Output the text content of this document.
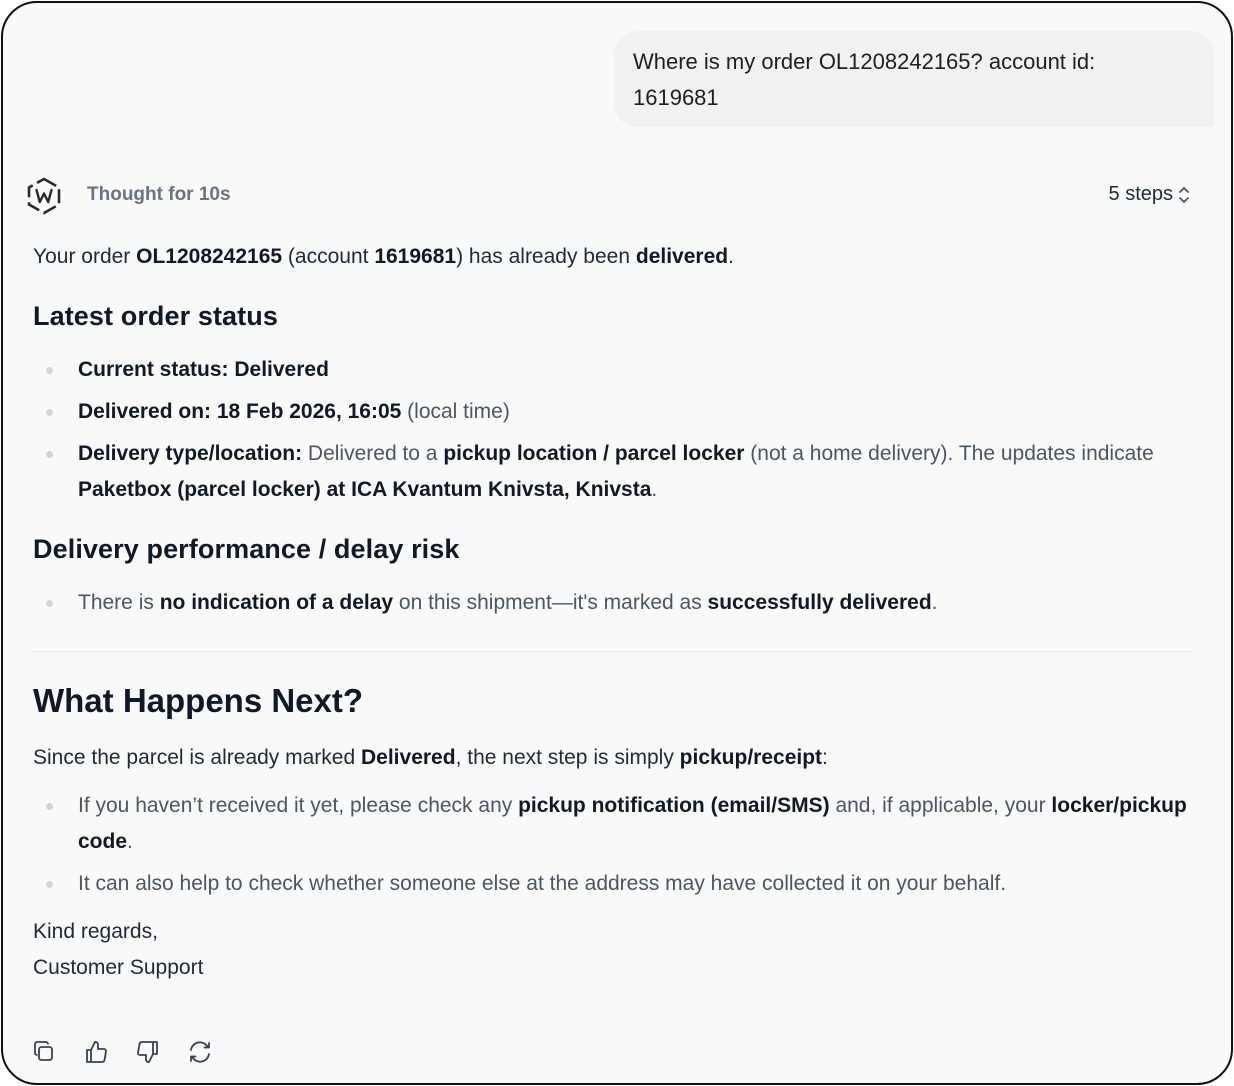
Where is my order OL1208242165? account id:
1619681
Thought for 10s	5 steps

Your order OL1208242165 (account 1619681) has already been delivered.

Latest order status
Current status: Delivered
Delivered on: 18 Feb 2026, 16:05 (local time)
Delivery type/location: Delivered to a pickup location / parcel locker (not a home delivery). The updates indicate Paketbox (parcel locker) at ICA Kvantum Knivsta, Knivsta.
Delivery performance / delay risk
There is no indication of a delay on this shipment—it's marked as successfully delivered.
What Happens Next?

Since the parcel is already marked Delivered, the next step is simply pickup/receipt:

If you haven’t received it yet, please check any pickup notification (email/SMS) and, if applicable, your locker/pickup code.
It can also help to check whether someone else at the address may have collected it on your behalf.

Kind regards,

Customer Support
